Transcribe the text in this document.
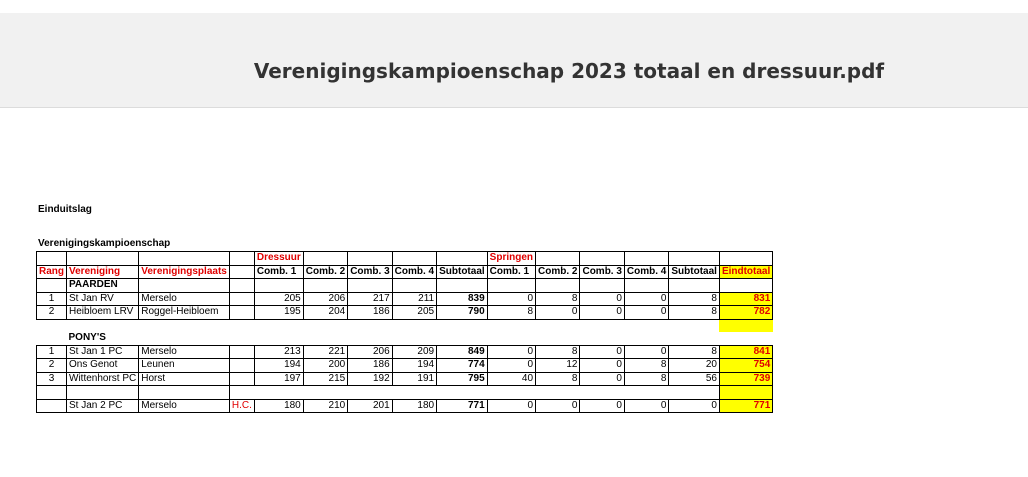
Verenigingskampioenschap 2023 totaal en dressuur.pdf
Einduitslag
Verenigingskampioenschap
				Dressuur					Springen					
Rang	Vereniging	Verenigingsplaats		Comb. 1	Comb. 2	Comb. 3	Comb. 4	Subtotaal	Comb. 1	Comb. 2	Comb. 3	Comb. 4	Subtotaal	Eindtotaal
	PAARDEN													
1	St Jan RV	Merselo		205	206	217	211	839	0	8	0	0	8	831
2	Heibloem LRV	Roggel-Heibloem		195	204	186	205	790	8	0	0	0	8	782

	PONY'S													
1	St Jan 1 PC	Merselo		213	221	206	209	849	0	8	0	0	8	841
2	Ons Genot	Leunen		194	200	186	194	774	0	12	0	8	20	754
3	Wittenhorst PC	Horst		197	215	192	191	795	40	8	0	8	56	739

	St Jan 2 PC	Merselo	H.C.	180	210	201	180	771	0	0	0	0	0	771
